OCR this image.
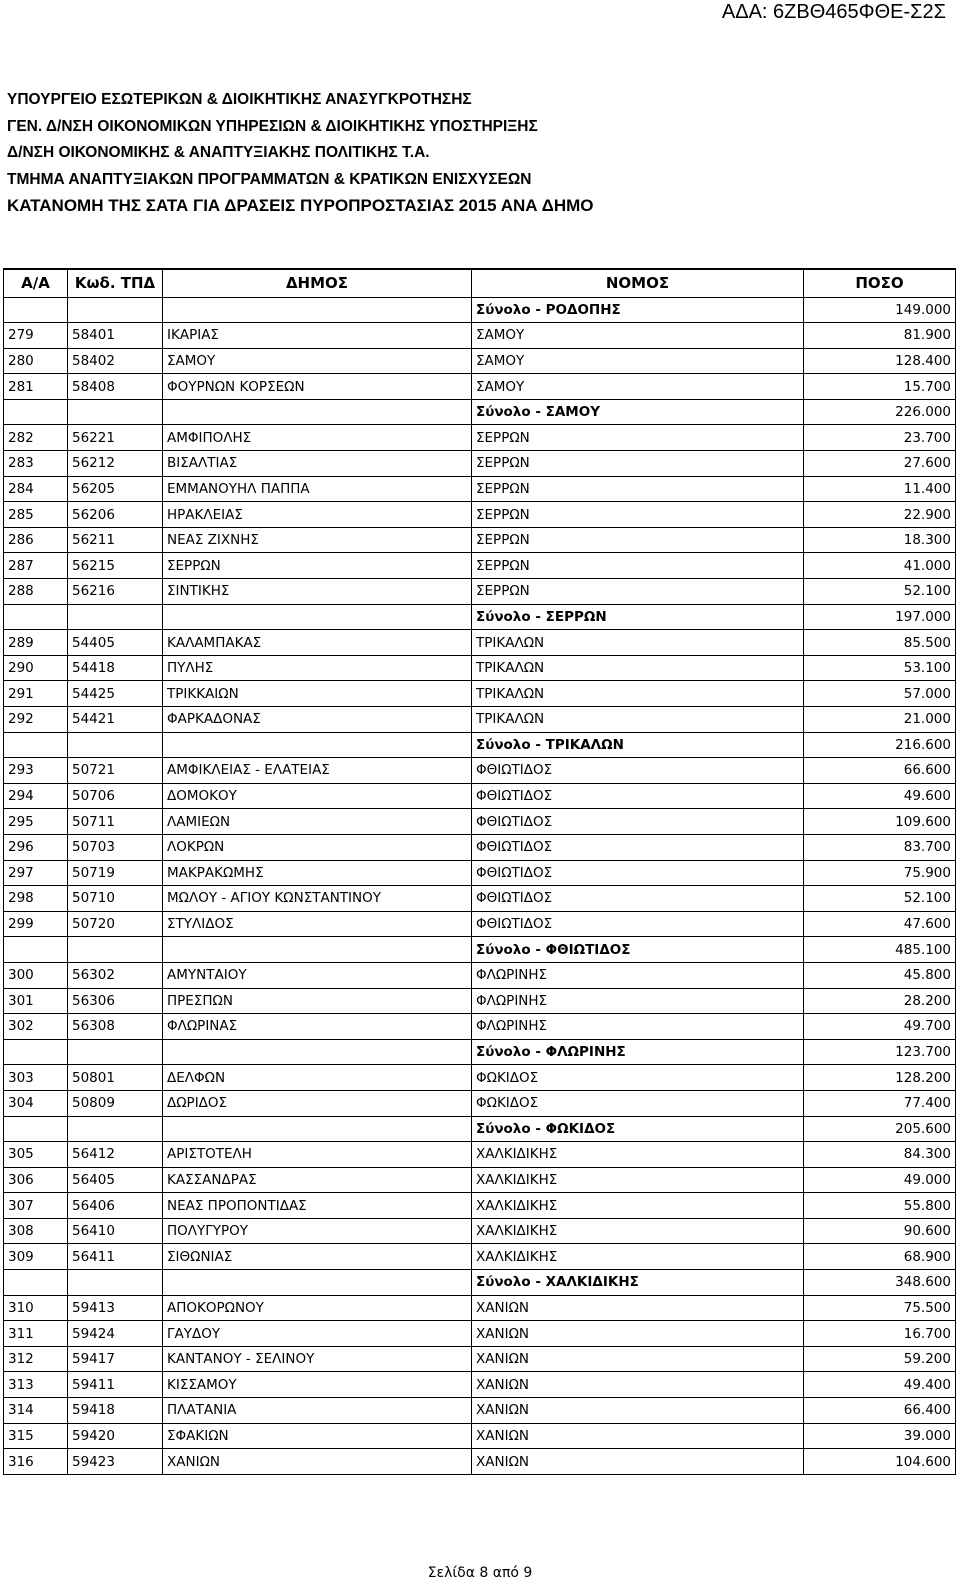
ΑΔΑ: 6ΖΒΘ465ΦΘΕ-Σ2Σ
ΥΠΟΥΡΓΕΙΟ ΕΣΩΤΕΡΙΚΩΝ & ΔΙΟΙΚΗΤΙΚΗΣ ΑΝΑΣΥΓΚΡΟΤΗΣΗΣ
ΓΕΝ. Δ/ΝΣΗ ΟΙΚΟΝΟΜΙΚΩΝ ΥΠΗΡΕΣΙΩΝ & ΔΙΟΙΚΗΤΙΚΗΣ ΥΠΟΣΤΗΡΙΞΗΣ
Δ/ΝΣΗ ΟΙΚΟΝΟΜΙΚΗΣ & ΑΝΑΠΤΥΞΙΑΚΗΣ ΠΟΛΙΤΙΚΗΣ Τ.Α.
ΤΜΗΜΑ ΑΝΑΠΤΥΞΙΑΚΩΝ ΠΡΟΓΡΑΜΜΑΤΩΝ & ΚΡΑΤΙΚΩΝ ΕΝΙΣΧΥΣΕΩΝ
ΚΑΤΑΝΟΜΗ ΤΗΣ ΣΑΤΑ ΓΙΑ ΔΡΑΣΕΙΣ ΠΥΡΟΠΡΟΣΤΑΣΙΑΣ 2015 ΑΝΑ ΔΗΜΟ
Α/Α	Κωδ. ΤΠΔ	ΔΗΜΟΣ	ΝΟΜΟΣ	ΠΟΣΟ
			Σύνολο - ΡΟΔΟΠΗΣ	149.000
279	58401	ΙΚΑΡΙΑΣ	ΣΑΜΟΥ	81.900
280	58402	ΣΑΜΟΥ	ΣΑΜΟΥ	128.400
281	58408	ΦΟΥΡΝΩΝ ΚΟΡΣΕΩΝ	ΣΑΜΟΥ	15.700
			Σύνολο - ΣΑΜΟΥ	226.000
282	56221	ΑΜΦΙΠΟΛΗΣ	ΣΕΡΡΩΝ	23.700
283	56212	ΒΙΣΑΛΤΙΑΣ	ΣΕΡΡΩΝ	27.600
284	56205	ΕΜΜΑΝΟΥΗΛ ΠΑΠΠΑ	ΣΕΡΡΩΝ	11.400
285	56206	ΗΡΑΚΛΕΙΑΣ	ΣΕΡΡΩΝ	22.900
286	56211	ΝΕΑΣ ΖΙΧΝΗΣ	ΣΕΡΡΩΝ	18.300
287	56215	ΣΕΡΡΩΝ	ΣΕΡΡΩΝ	41.000
288	56216	ΣΙΝΤΙΚΗΣ	ΣΕΡΡΩΝ	52.100
			Σύνολο - ΣΕΡΡΩΝ	197.000
289	54405	ΚΑΛΑΜΠΑΚΑΣ	ΤΡΙΚΑΛΩΝ	85.500
290	54418	ΠΥΛΗΣ	ΤΡΙΚΑΛΩΝ	53.100
291	54425	ΤΡΙΚΚΑΙΩΝ	ΤΡΙΚΑΛΩΝ	57.000
292	54421	ΦΑΡΚΑΔΟΝΑΣ	ΤΡΙΚΑΛΩΝ	21.000
			Σύνολο - ΤΡΙΚΑΛΩΝ	216.600
293	50721	ΑΜΦΙΚΛΕΙΑΣ - ΕΛΑΤΕΙΑΣ	ΦΘΙΩΤΙΔΟΣ	66.600
294	50706	ΔΟΜΟΚΟΥ	ΦΘΙΩΤΙΔΟΣ	49.600
295	50711	ΛΑΜΙΕΩΝ	ΦΘΙΩΤΙΔΟΣ	109.600
296	50703	ΛΟΚΡΩΝ	ΦΘΙΩΤΙΔΟΣ	83.700
297	50719	ΜΑΚΡΑΚΩΜΗΣ	ΦΘΙΩΤΙΔΟΣ	75.900
298	50710	ΜΩΛΟΥ - ΑΓΙΟΥ ΚΩΝΣΤΑΝΤΙΝΟΥ	ΦΘΙΩΤΙΔΟΣ	52.100
299	50720	ΣΤΥΛΙΔΟΣ	ΦΘΙΩΤΙΔΟΣ	47.600
			Σύνολο - ΦΘΙΩΤΙΔΟΣ	485.100
300	56302	ΑΜΥΝΤΑΙΟΥ	ΦΛΩΡΙΝΗΣ	45.800
301	56306	ΠΡΕΣΠΩΝ	ΦΛΩΡΙΝΗΣ	28.200
302	56308	ΦΛΩΡΙΝΑΣ	ΦΛΩΡΙΝΗΣ	49.700
			Σύνολο - ΦΛΩΡΙΝΗΣ	123.700
303	50801	ΔΕΛΦΩΝ	ΦΩΚΙΔΟΣ	128.200
304	50809	ΔΩΡΙΔΟΣ	ΦΩΚΙΔΟΣ	77.400
			Σύνολο - ΦΩΚΙΔΟΣ	205.600
305	56412	ΑΡΙΣΤΟΤΕΛΗ	ΧΑΛΚΙΔΙΚΗΣ	84.300
306	56405	ΚΑΣΣΑΝΔΡΑΣ	ΧΑΛΚΙΔΙΚΗΣ	49.000
307	56406	ΝΕΑΣ ΠΡΟΠΟΝΤΙΔΑΣ	ΧΑΛΚΙΔΙΚΗΣ	55.800
308	56410	ΠΟΛΥΓΥΡΟΥ	ΧΑΛΚΙΔΙΚΗΣ	90.600
309	56411	ΣΙΘΩΝΙΑΣ	ΧΑΛΚΙΔΙΚΗΣ	68.900
			Σύνολο - ΧΑΛΚΙΔΙΚΗΣ	348.600
310	59413	ΑΠΟΚΟΡΩΝΟΥ	ΧΑΝΙΩΝ	75.500
311	59424	ΓΑΥΔΟΥ	ΧΑΝΙΩΝ	16.700
312	59417	ΚΑΝΤΑΝΟΥ - ΣΕΛΙΝΟΥ	ΧΑΝΙΩΝ	59.200
313	59411	ΚΙΣΣΑΜΟΥ	ΧΑΝΙΩΝ	49.400
314	59418	ΠΛΑΤΑΝΙΑ	ΧΑΝΙΩΝ	66.400
315	59420	ΣΦΑΚΙΩΝ	ΧΑΝΙΩΝ	39.000
316	59423	ΧΑΝΙΩΝ	ΧΑΝΙΩΝ	104.600
Σελίδα 8 από 9
